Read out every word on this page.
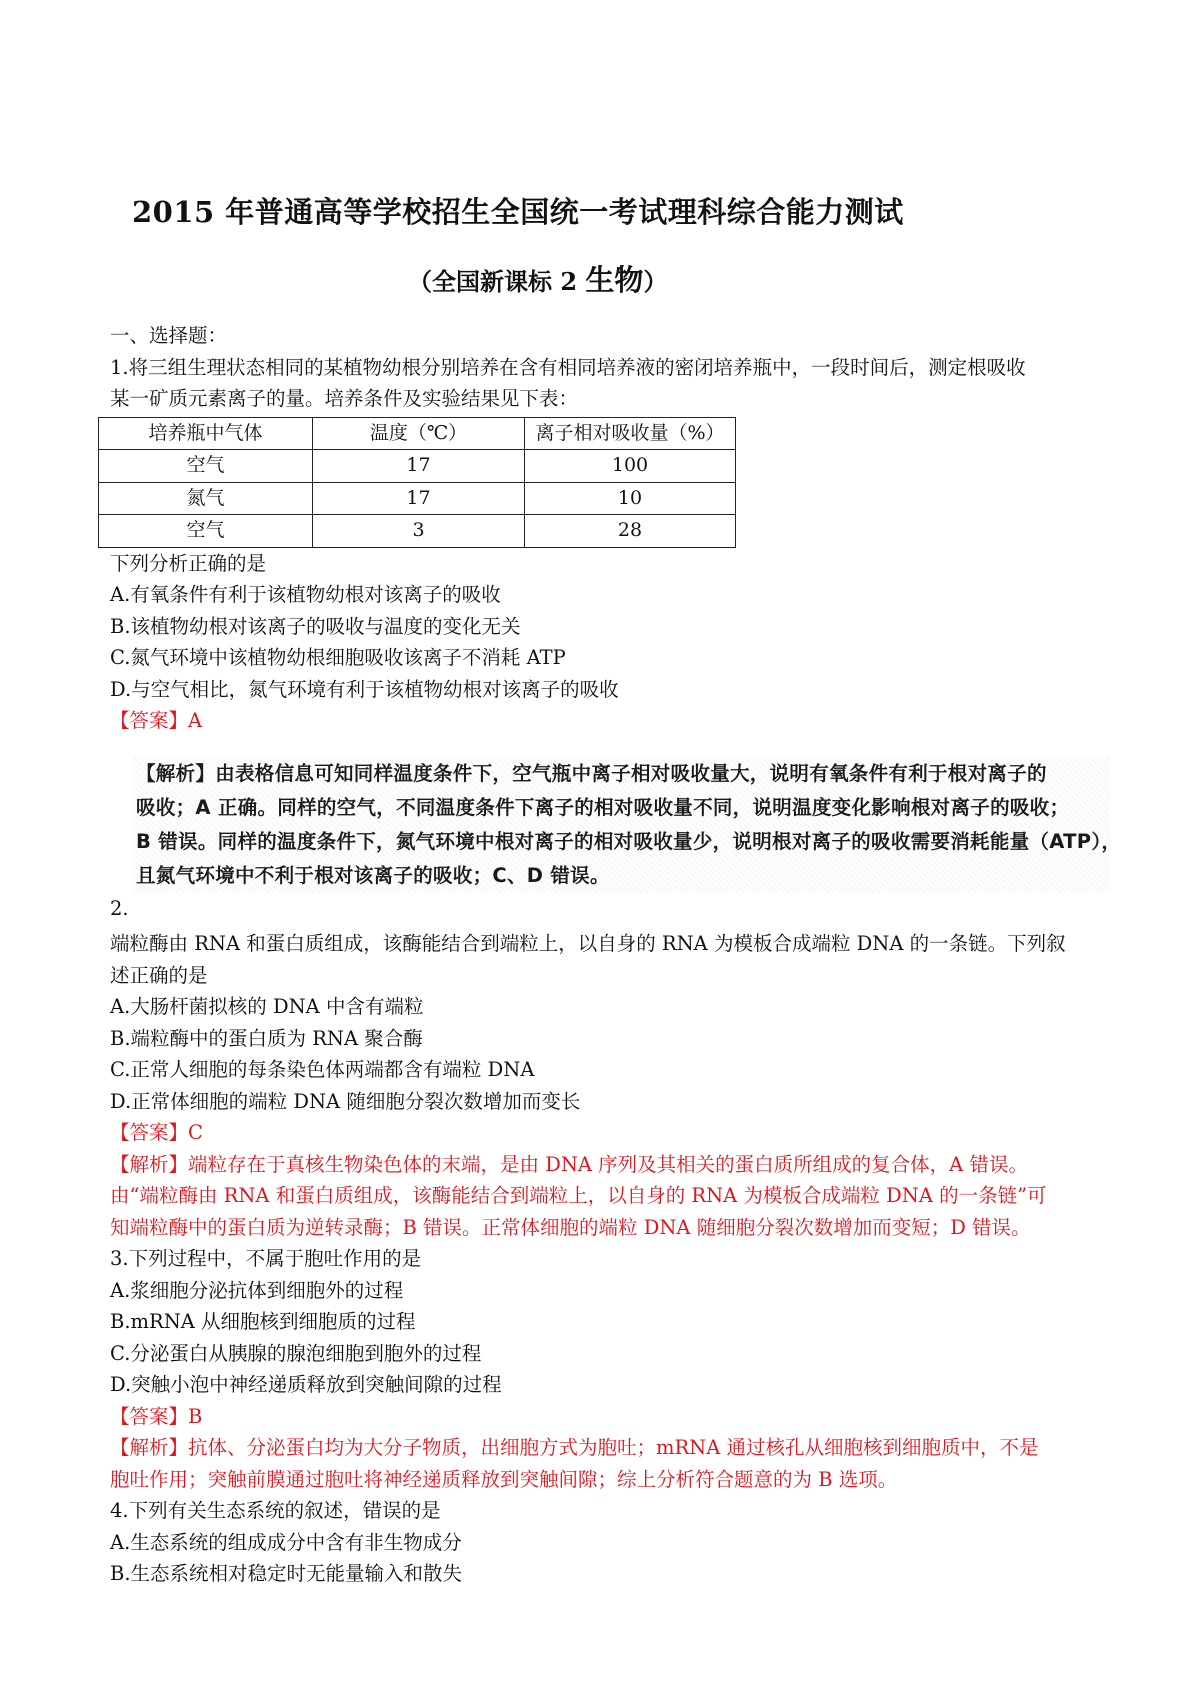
2015 年普通高等学校招生全国统一考试理科综合能力测试
（全国新课标 2 生物）

一、选择题：

1.将三组生理状态相同的某植物幼根分别培养在含有相同培养液的密闭培养瓶中，一段时间后，测定根吸收

某一矿质元素离子的量。培养条件及实验结果见下表：

培养瓶中气体	温度（℃）	离子相对吸收量（%）
空气	17	100
氮气	17	10
空气	3	28

下列分析正确的是

A.有氧条件有利于该植物幼根对该离子的吸收

B.该植物幼根对该离子的吸收与温度的变化无关

C.氮气环境中该植物幼根细胞吸收该离子不消耗 ATP

D.与空气相比，氮气环境有利于该植物幼根对该离子的吸收

【答案】A

【解析】由表格信息可知同样温度条件下，空气瓶中离子相对吸收量大，说明有氧条件有利于根对离子的

吸收；A 正确。同样的空气，不同温度条件下离子的相对吸收量不同，说明温度变化影响根对离子的吸收；

B 错误。同样的温度条件下，氮气环境中根对离子的相对吸收量少，说明根对离子的吸收需要消耗能量（ATP），

且氮气环境中不利于根对该离子的吸收；C、D 错误。

2.

端粒酶由 RNA 和蛋白质组成，该酶能结合到端粒上，以自身的 RNA 为模板合成端粒 DNA 的一条链。下列叙

述正确的是

A.大肠杆菌拟核的 DNA 中含有端粒

B.端粒酶中的蛋白质为 RNA 聚合酶

C.正常人细胞的每条染色体两端都含有端粒 DNA

D.正常体细胞的端粒 DNA 随细胞分裂次数增加而变长

【答案】C

【解析】端粒存在于真核生物染色体的末端，是由 DNA 序列及其相关的蛋白质所组成的复合体，A 错误。

由“端粒酶由 RNA 和蛋白质组成，该酶能结合到端粒上，以自身的 RNA 为模板合成端粒 DNA 的一条链”可

知端粒酶中的蛋白质为逆转录酶；B 错误。正常体细胞的端粒 DNA 随细胞分裂次数增加而变短；D 错误。

3.下列过程中，不属于胞吐作用的是

A.浆细胞分泌抗体到细胞外的过程

B.mRNA 从细胞核到细胞质的过程

C.分泌蛋白从胰腺的腺泡细胞到胞外的过程

D.突触小泡中神经递质释放到突触间隙的过程

【答案】B

【解析】抗体、分泌蛋白均为大分子物质，出细胞方式为胞吐；mRNA 通过核孔从细胞核到细胞质中，不是

胞吐作用；突触前膜通过胞吐将神经递质释放到突触间隙；综上分析符合题意的为 B 选项。

4.下列有关生态系统的叙述，错误的是

A.生态系统的组成成分中含有非生物成分

B.生态系统相对稳定时无能量输入和散失
